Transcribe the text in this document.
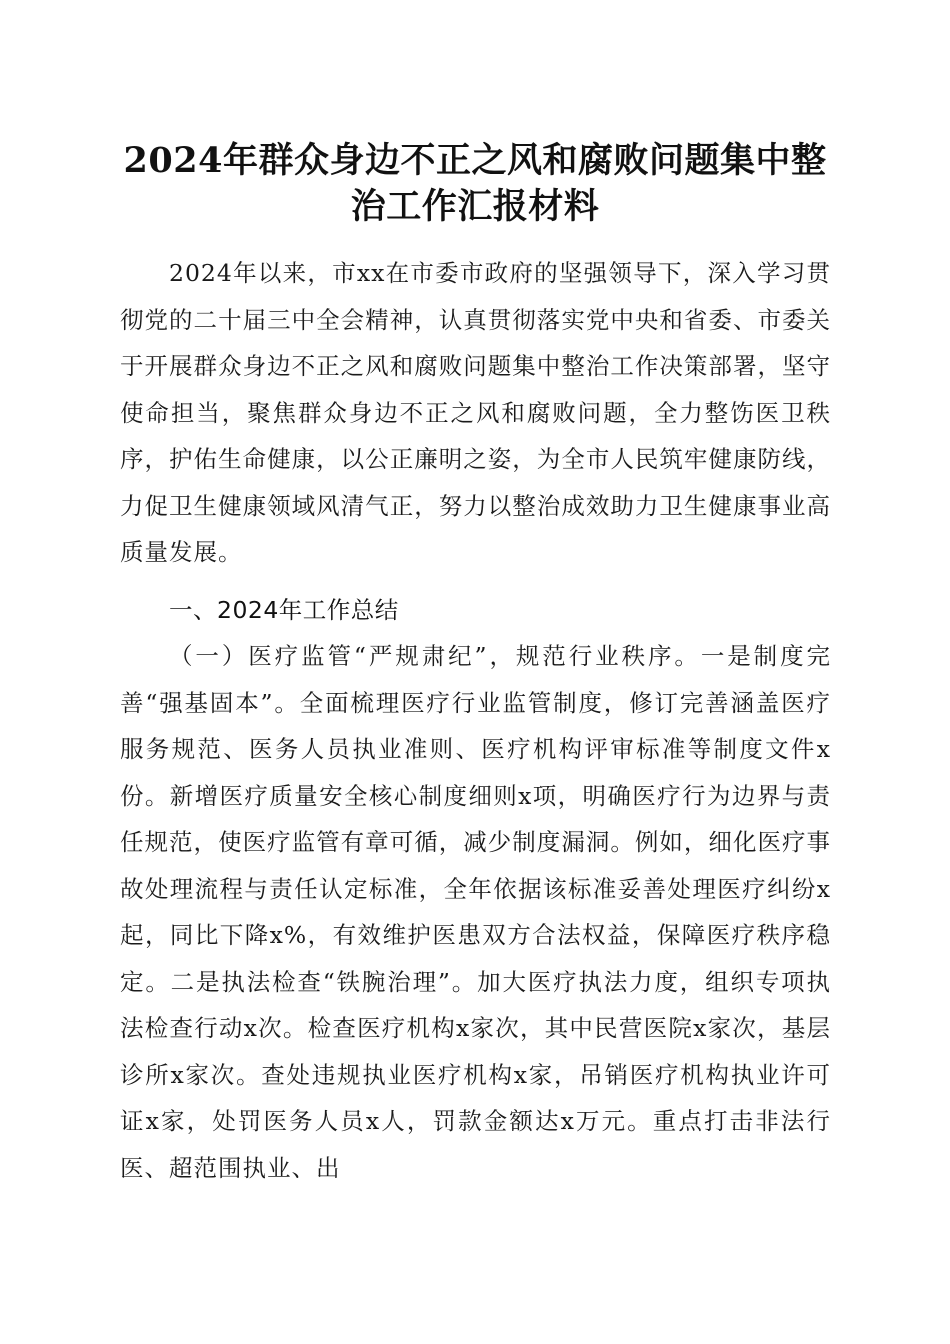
2024年群众身边不正之风和腐败问题集中整治工作汇报材料
2024年以来，市xx在市委市政府的坚强领导下，深入学习贯彻党的二十届三中全会精神，认真贯彻落实党中央和省委、市委关于开展群众身边不正之风和腐败问题集中整治工作决策部署，坚守使命担当，聚焦群众身边不正之风和腐败问题，全力整饬医卫秩序，护佑生命健康，以公正廉明之姿，为全市人民筑牢健康防线，力促卫生健康领域风清气正，努力以整治成效助力卫生健康事业高质量发展。
一、2024年工作总结
（一）医疗监管“严规肃纪”，规范行业秩序。一是制度完善“强基固本”。全面梳理医疗行业监管制度，修订完善涵盖医疗服务规范、医务人员执业准则、医疗机构评审标准等制度文件x份。新增医疗质量安全核心制度细则x项，明确医疗行为边界与责任规范，使医疗监管有章可循，减少制度漏洞。例如，细化医疗事故处理流程与责任认定标准，全年依据该标准妥善处理医疗纠纷x起，同比下降x%，有效维护医患双方合法权益，保障医疗秩序稳定。二是执法检查“铁腕治理”。加大医疗执法力度，组织专项执法检查行动x次。检查医疗机构x家次，其中民营医院x家次，基层诊所x家次。查处违规执业医疗机构x家，吊销医疗机构执业许可证x家，处罚医务人员x人，罚款金额达x万元。重点打击非法行医、超范围执业、出
